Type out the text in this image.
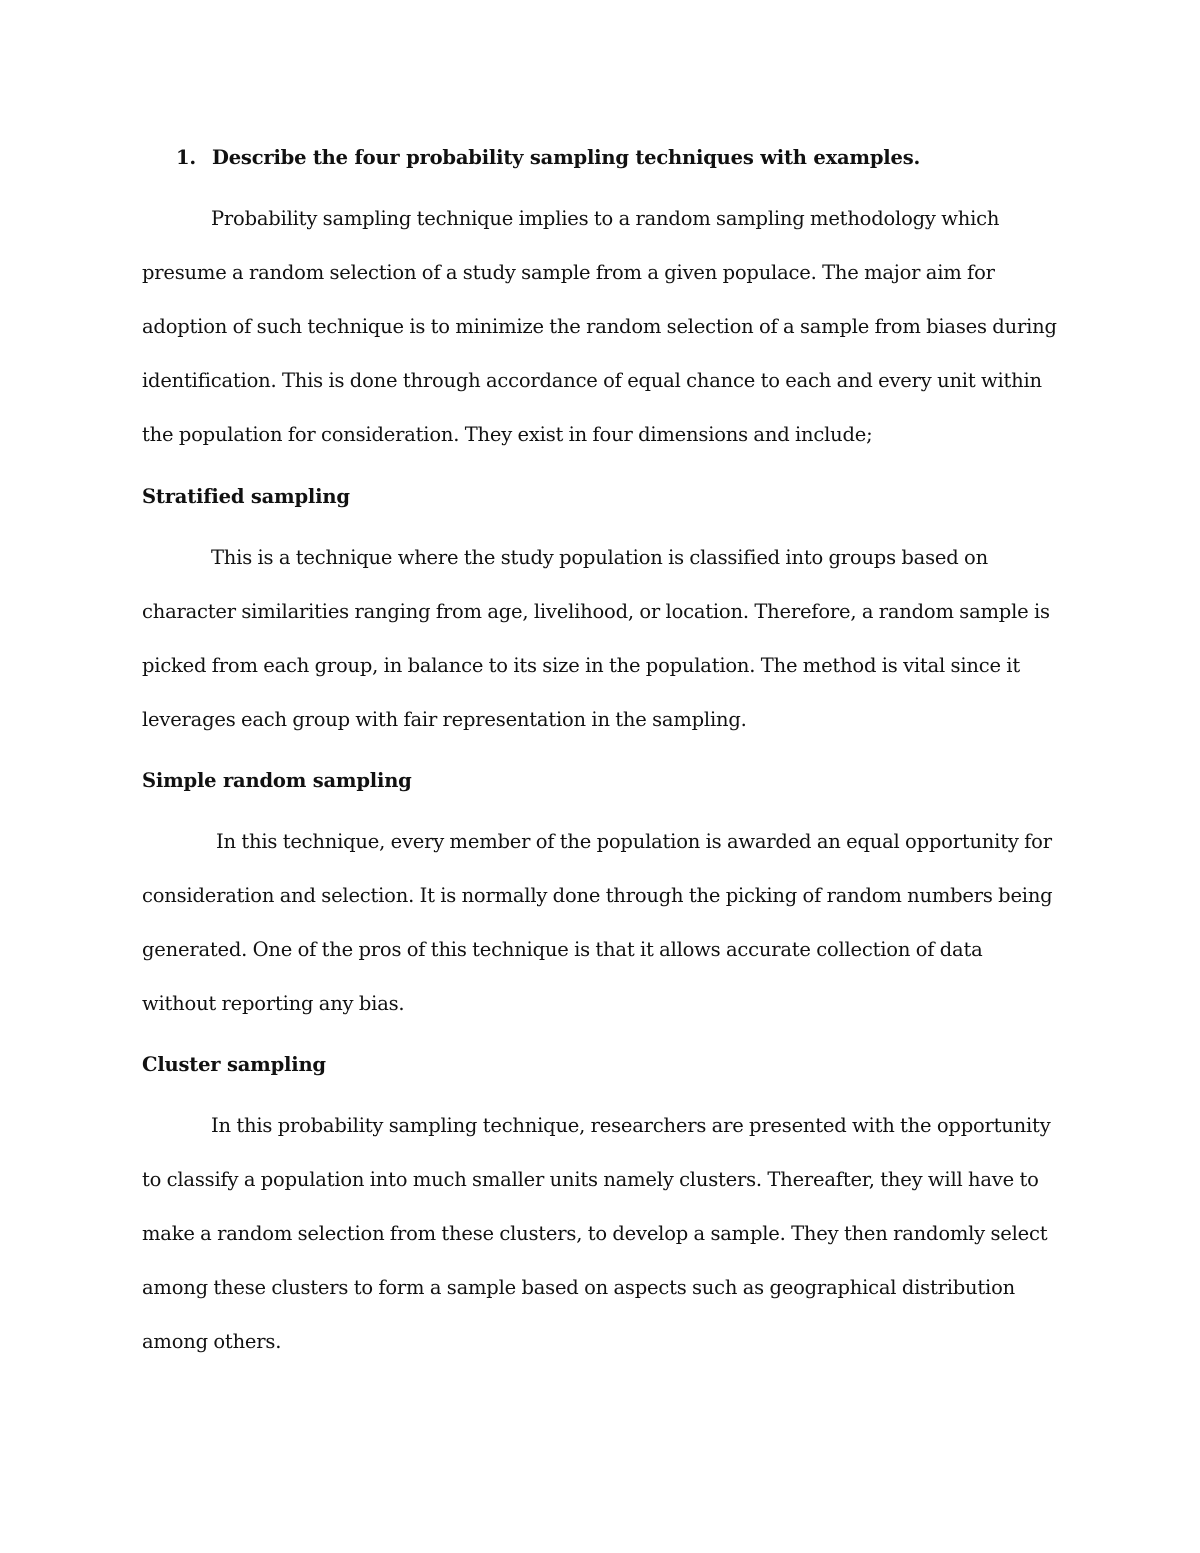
1. Describe the four probability sampling techniques with examples.

Probability sampling technique implies to a random sampling methodology which presume a random selection of a study sample from a given populace. The major aim for adoption of such technique is to minimize the random selection of a sample from biases during identification. This is done through accordance of equal chance to each and every unit within the population for consideration. They exist in four dimensions and include;

Stratified sampling

This is a technique where the study population is classified into groups based on character similarities ranging from age, livelihood, or location. Therefore, a random sample is picked from each group, in balance to its size in the population. The method is vital since it leverages each group with fair representation in the sampling.

Simple random sampling

In this technique, every member of the population is awarded an equal opportunity for consideration and selection. It is normally done through the picking of random numbers being generated. One of the pros of this technique is that it allows accurate collection of data without reporting any bias.

Cluster sampling

In this probability sampling technique, researchers are presented with the opportunity to classify a population into much smaller units namely clusters. Thereafter, they will have to make a random selection from these clusters, to develop a sample. They then randomly select among these clusters to form a sample based on aspects such as geographical distribution among others.
